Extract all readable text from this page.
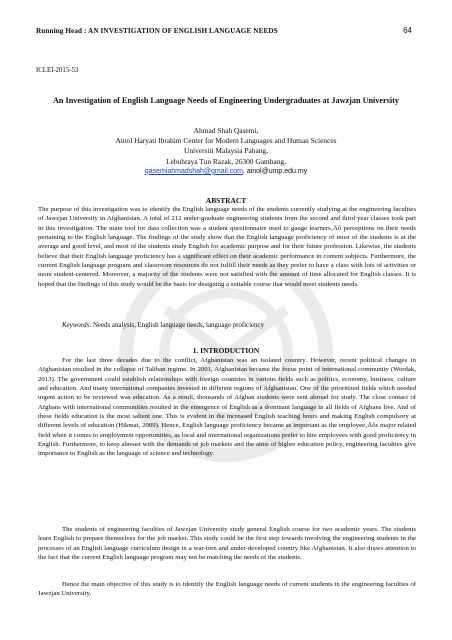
Running Head : AN INVESTIGATION OF ENGLISH LANGUAGE NEEDS	64
ICLEI-2015-53
An Investigation of English Language Needs of Engineering Undergraduates at Jawzjan University
Ahmad Shah Qasemi,
Ainol Haryati Ibrahim Center for Modern Languages and Human Sciences
Universiti Malaysia Pahang,
Lebuhraya Tun Razak, 26300 Gambang,
qasemiahmadshah@gmail.com, ainol@ump.edu.my
ABSTRACT
The purpose of this investigation was to identify the English language needs of the students currently studying at the engineering faculties of Jawzjan University in Afghanistan. A total of 212 under-graduate engineering students from the second and third year classes took part in this investigation. The main tool for data collection was a student questionnaire used to gauge learners‚Äô perceptions on their needs pertaining to the English language. The findings of the study show that the English language proficiency of most of the students is at the average and good level, and most of the students study English for academic purpose and for their future profession. Likewise, the students believe that their English language proficiency has a significant effect on their academic performance in content subjects. Furthermore, the current English language program and classroom resources do not fulfill their needs as they prefer to have a class with lots of activities or more student-centered. Moreover, a majority of the students were not satisfied with the amount of time allocated for English classes. It is hoped that the findings of this study would be the basis for designing a suitable course that would meet students needs.
Keywords: Needs analysis, English language needs, language proficiency
1. INTRODUCTION
For the last three decades due to the conflict, Afghanistan was an isolated country. However, recent political changes in Afghanistan resulted in the collapse of Taliban regime. In 2001, Afghanistan became the focus point of international community (Wordak, 2013). The government could establish relationships with foreign countries in various fields such as politics, economy, business, culture and education. And many international companies invested in different regions of Afghanistan. One of the prioritized fields which needed urgent action to be reviewed was education. As a result, thousands of Afghan students were sent abroad for study. The close contact of Afghans with international communities resulted in the emergence of English as a dominant language in all fields of Afghans live. And of these fields education is the most salient one. This is evident in the increased English teaching hours and making English compulsory at different levels of education (Hikmat, 2009). Hence, English language proficiency became as important as the employee‚Äôs major related field when it comes to employment opportunities, as local and international organizations prefer to hire employees with good proficiency in English. Furthermore, to keep abreast with the demands of job markets and the aims of higher education policy, engineering faculties give importance to English as the language of science and technology.
The students of engineering faculties of Jawzjan University study general English course for two academic years. The students learn English to prepare themselves for the job market. This study could be the first step towards involving the engineering students in the processes of an English language curriculum design in a war-torn and under-developed country like Afghanistan. It also draws attention to the fact that the current English language program may not be matching the needs of the students.
Hence the main objective of this study is to identify the English language needs of current students in the engineering faculties of Jawzjan University.
